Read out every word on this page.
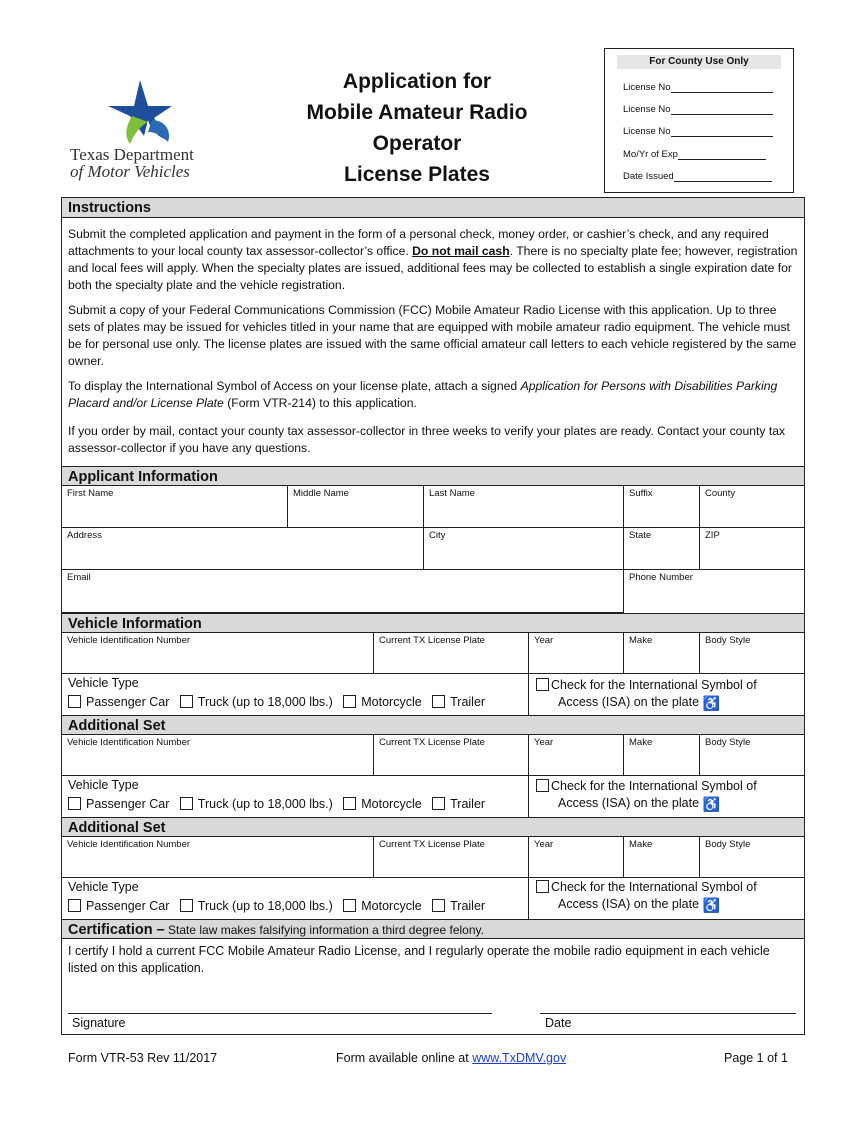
Texas Department
of Motor Vehicles
Application for
Mobile Amateur Radio
Operator
License Plates
For County Use Only
License No
License No
License No
Mo/Yr of Exp
Date Issued
Instructions
Submit the completed application and payment in the form of a personal check, money order, or cashier’s check, and any required attachments to your local county tax assessor-collector’s office. Do not mail cash. There is no specialty plate fee; however, registration and local fees will apply. When the specialty plates are issued, additional fees may be collected to establish a single expiration date for both the specialty plate and the vehicle registration.
Submit a copy of your Federal Communications Commission (FCC) Mobile Amateur Radio License with this application. Up to three sets of plates may be issued for vehicles titled in your name that are equipped with mobile amateur radio equipment. The vehicle must be for personal use only. The license plates are issued with the same official amateur call letters to each vehicle registered by the same owner.
To display the International Symbol of Access on your license plate, attach a signed Application for Persons with Disabilities Parking Placard and/or License Plate (Form VTR-214) to this application.
If you order by mail, contact your county tax assessor-collector in three weeks to verify your plates are ready. Contact your county tax assessor-collector if you have any questions.
Applicant Information
First Name	Middle Name	Last Name	Suffix	County
Address	City	State	ZIP
Email	Phone Number
Vehicle Information
Vehicle Identification Number	Current TX License Plate	Year	Make	Body Style
Vehicle Type
Passenger Car Truck (up to 18,000 lbs.) Motorcycle Trailer
Check for the International Symbol of
Access (ISA) on the plate ♿
Additional Set
Vehicle Identification Number	Current TX License Plate	Year	Make	Body Style
Vehicle Type
Passenger Car Truck (up to 18,000 lbs.) Motorcycle Trailer
Check for the International Symbol of
Access (ISA) on the plate ♿
Additional Set
Vehicle Identification Number	Current TX License Plate	Year	Make	Body Style
Vehicle Type
Passenger Car Truck (up to 18,000 lbs.) Motorcycle Trailer
Check for the International Symbol of
Access (ISA) on the plate ♿
Certification – State law makes falsifying information a third degree felony.
I certify I hold a current FCC Mobile Amateur Radio License, and I regularly operate the mobile radio equipment in each vehicle listed on this application.
Signature	Date
Form VTR-53 Rev 11/2017	Form available online at www.TxDMV.gov	Page 1 of 1
